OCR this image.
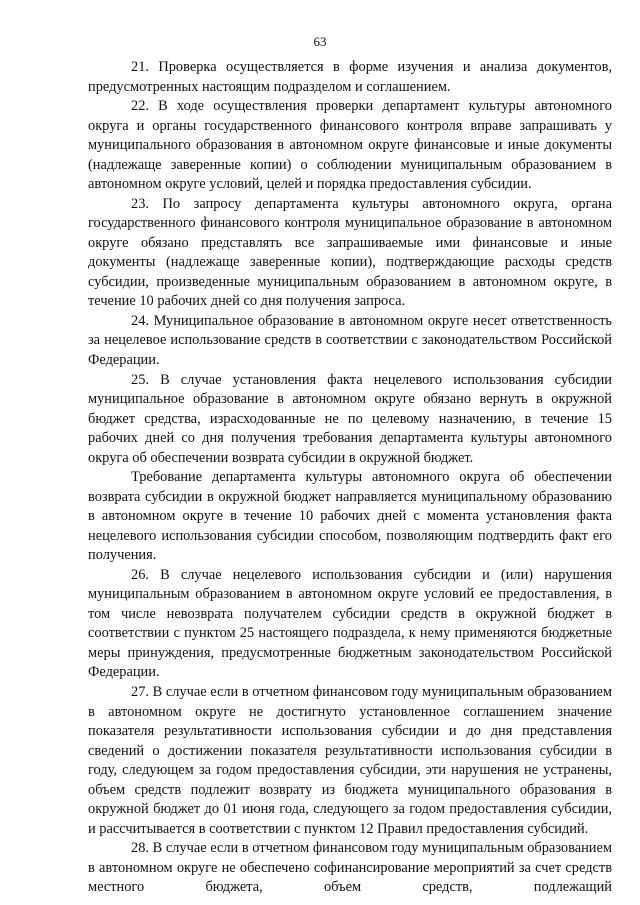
63

21. Проверка осуществляется в форме изучения и анализа документов, предусмотренных настоящим подразделом и соглашением.

22. В ходе осуществления проверки департамент культуры автономного округа и органы государственного финансового контроля вправе запрашивать у муниципального образования в автономном округе финансовые и иные документы (надлежаще заверенные копии) о соблюдении муниципальным образованием в автономном округе условий, целей и порядка предоставления субсидии.

23. По запросу департамента культуры автономного округа, органа государственного финансового контроля муниципальное образование в автономном округе обязано представлять все запрашиваемые ими финансовые и иные документы (надлежаще заверенные копии), подтверждающие расходы средств субсидии, произведенные муниципальным образованием в автономном округе, в течение 10 рабочих дней со дня получения запроса.

24. Муниципальное образование в автономном округе несет ответственность за нецелевое использование средств в соответствии с законодательством Российской Федерации.

25. В случае установления факта нецелевого использования субсидии муниципальное образование в автономном округе обязано вернуть в окружной бюджет средства, израсходованные не по целевому назначению, в течение 15 рабочих дней со дня получения требования департамента культуры автономного округа об обеспечении возврата субсидии в окружной бюджет.

Требование департамента культуры автономного округа об обеспечении возврата субсидии в окружной бюджет направляется муниципальному образованию в автономном округе в течение 10 рабочих дней с момента установления факта нецелевого использования субсидии способом, позволяющим подтвердить факт его получения.

26. В случае нецелевого использования субсидии и (или) нарушения муниципальным образованием в автономном округе условий ее предоставления, в том числе невозврата получателем субсидии средств в окружной бюджет в соответствии с пунктом 25 настоящего подраздела, к нему применяются бюджетные меры принуждения, предусмотренные бюджетным законодательством Российской Федерации.

27. В случае если в отчетном финансовом году муниципальным образованием в автономном округе не достигнуто установленное соглашением значение показателя результативности использования субсидии и до дня представления сведений о достижении показателя результативности использования субсидии в году, следующем за годом предоставления субсидии, эти нарушения не устранены, объем средств подлежит возврату из бюджета муниципального образования в окружной бюджет до 01 июня года, следующего за годом предоставления субсидии, и рассчитывается в соответствии с пунктом 12 Правил предоставления субсидий.

28. В случае если в отчетном финансовом году муниципальным образованием в автономном округе не обеспечено софинансирование мероприятий за счет средств местного бюджета, объем средств, подлежащий
